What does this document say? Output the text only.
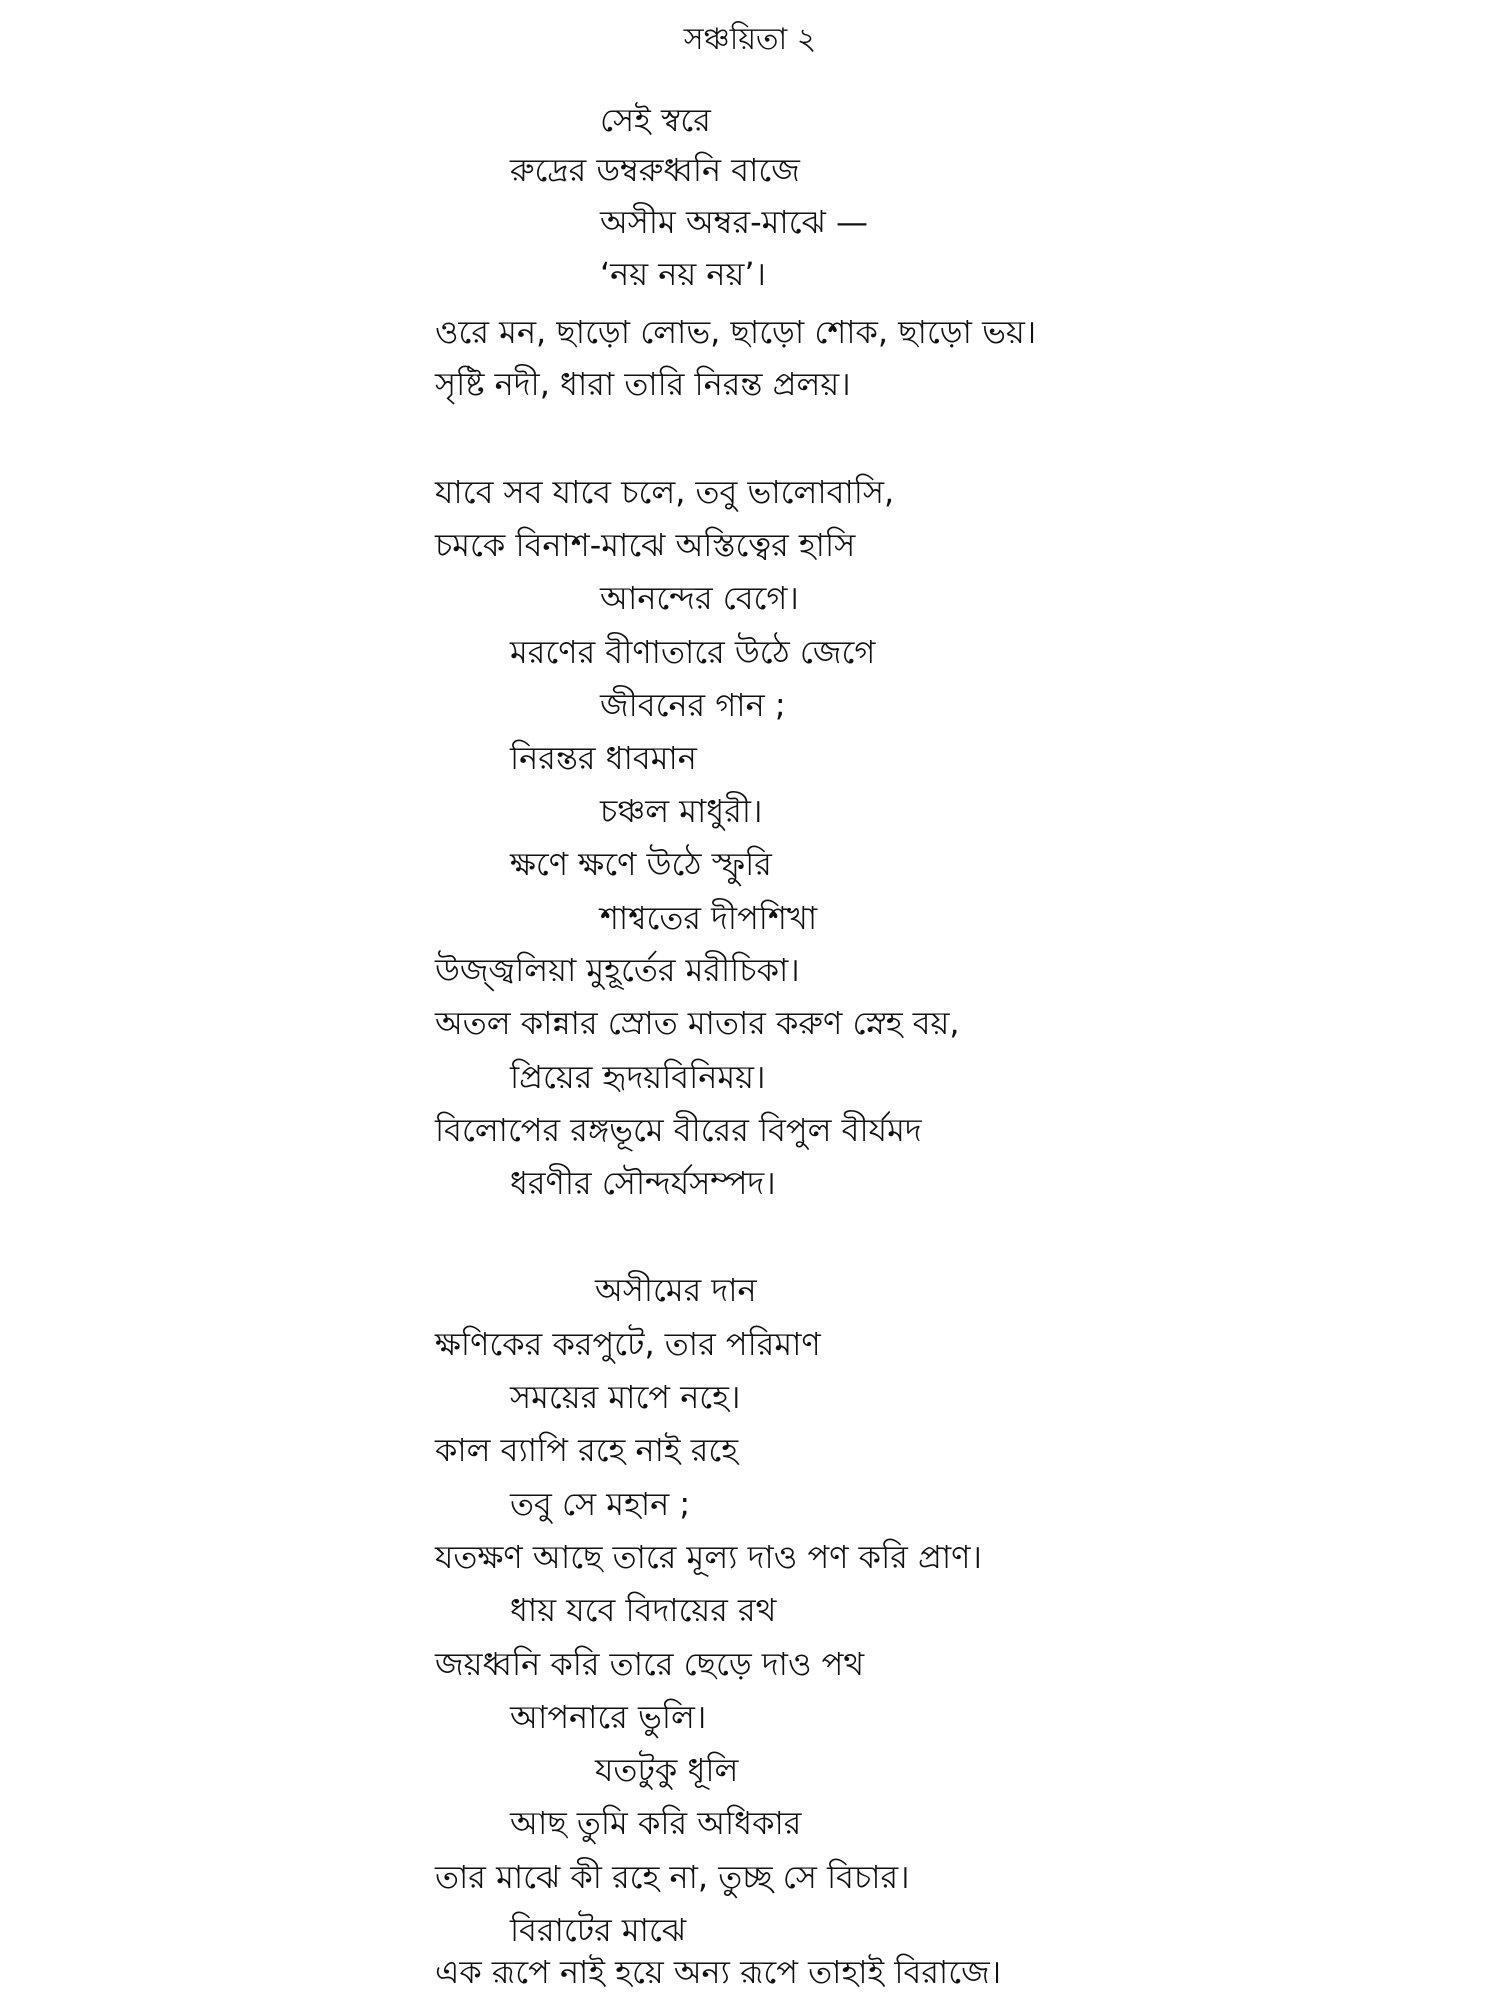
সঞ্চয়িতা ২
সেই স্বরে
রুদ্রের ডম্বরুধ্বনি বাজে
অসীম অম্বর-মাঝে —
‘নয় নয় নয়’।
ওরে মন, ছাড়ো লোভ, ছাড়ো শোক, ছাড়ো ভয়।
সৃষ্টি নদী, ধারা তারি নিরন্ত প্রলয়।
যাবে সব যাবে চলে, তবু ভালোবাসি,
চমকে বিনাশ-মাঝে অস্তিত্বের হাসি
আনন্দের বেগে।
মরণের বীণাতারে উঠে জেগে
জীবনের গান ;
নিরন্তর ধাবমান
চঞ্চল মাধুরী।
ক্ষণে ক্ষণে উঠে স্ফুরি
শাশ্বতের দীপশিখা
উজ্জ্বলিয়া মুহূর্তের মরীচিকা।
অতল কান্নার স্রোত মাতার করুণ স্নেহ বয়,
প্রিয়ের হৃদয়বিনিময়।
বিলোপের রঙ্গভূমে বীরের বিপুল বীর্যমদ
ধরণীর সৌন্দর্যসম্পদ।
অসীমের দান
ক্ষণিকের করপুটে, তার পরিমাণ
সময়ের মাপে নহে।
কাল ব্যাপি রহে নাই রহে
তবু সে মহান ;
যতক্ষণ আছে তারে মূল্য দাও পণ করি প্রাণ।
ধায় যবে বিদায়ের রথ
জয়ধ্বনি করি তারে ছেড়ে দাও পথ
আপনারে ভুলি।
যতটুকু ধূলি
আছ তুমি করি অধিকার
তার মাঝে কী রহে না, তুচ্ছ সে বিচার।
বিরাটের মাঝে
এক রূপে নাই হয়ে অন্য রূপে তাহাই বিরাজে।
